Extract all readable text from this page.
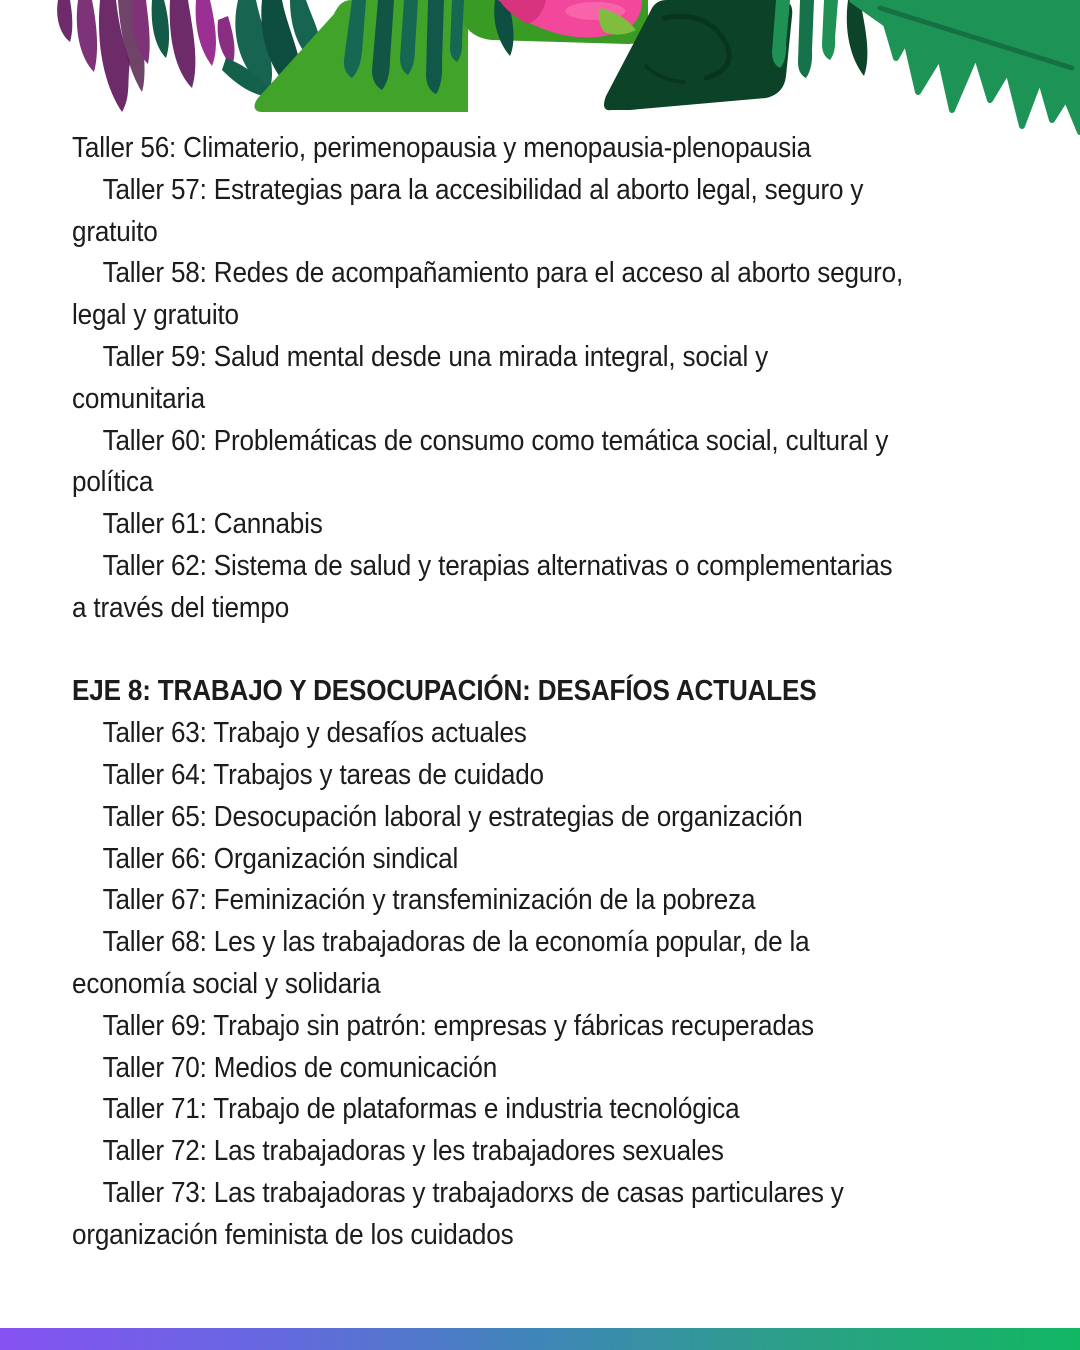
Taller 56: Climaterio, perimenopausia y menopausia-plenopausia
Taller 57: Estrategias para la accesibilidad al aborto legal, seguro y
gratuito
Taller 58: Redes de acompañamiento para el acceso al aborto seguro,
legal y gratuito
Taller 59: Salud mental desde una mirada integral, social y
comunitaria
Taller 60: Problemáticas de consumo como temática social, cultural y
política
Taller 61: Cannabis
Taller 62: Sistema de salud y terapias alternativas o complementarias
a través del tiempo
EJE 8: TRABAJO Y DESOCUPACIÓN: DESAFÍOS ACTUALES
Taller 63: Trabajo y desafíos actuales
Taller 64: Trabajos y tareas de cuidado
Taller 65: Desocupación laboral y estrategias de organización
Taller 66: Organización sindical
Taller 67: Feminización y transfeminización de la pobreza
Taller 68: Les y las trabajadoras de la economía popular, de la
economía social y solidaria
Taller 69: Trabajo sin patrón: empresas y fábricas recuperadas
Taller 70: Medios de comunicación
Taller 71: Trabajo de plataformas e industria tecnológica
Taller 72: Las trabajadoras y les trabajadores sexuales
Taller 73: Las trabajadoras y trabajadorxs de casas particulares y
organización feminista de los cuidados
